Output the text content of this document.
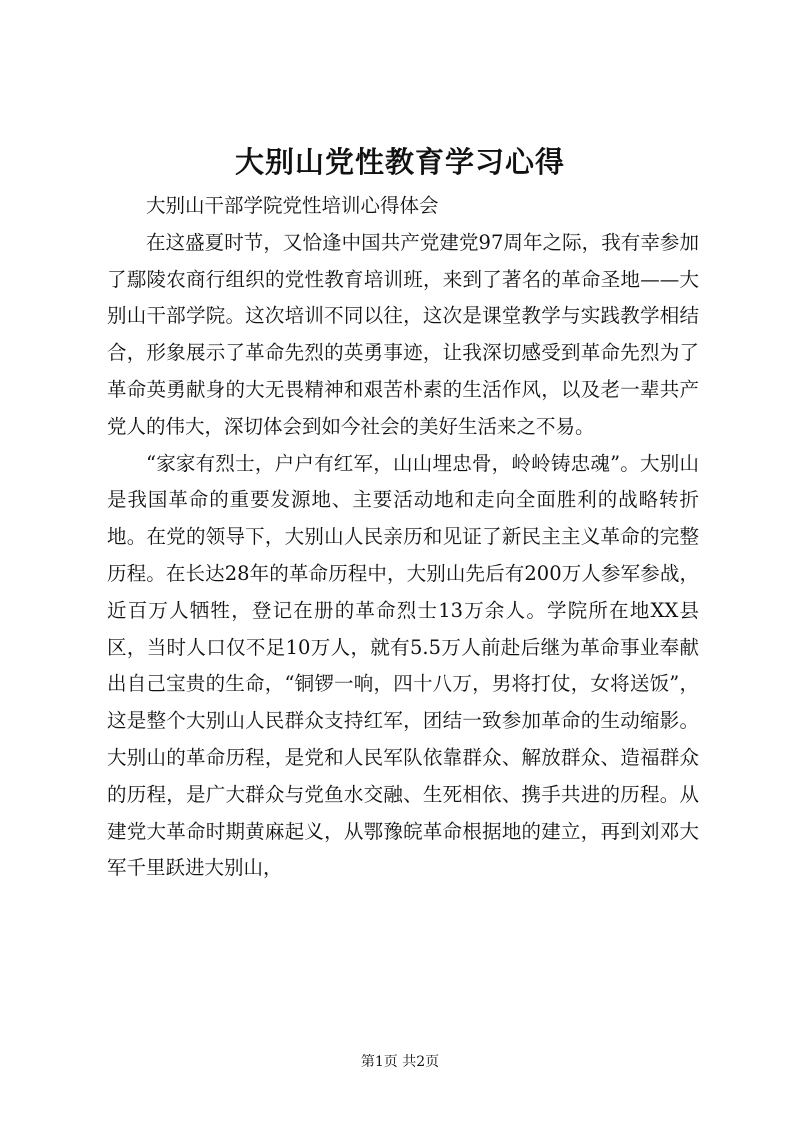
大别山党性教育学习心得

大别山干部学院党性培训心得体会

在这盛夏时节，又恰逢中国共产党建党97周年之际，我有幸参加了鄢陵农商行组织的党性教育培训班，来到了著名的革命圣地——大别山干部学院。这次培训不同以往，这次是课堂教学与实践教学相结合，形象展示了革命先烈的英勇事迹，让我深切感受到革命先烈为了革命英勇献身的大无畏精神和艰苦朴素的生活作风，以及老一辈共产党人的伟大，深切体会到如今社会的美好生活来之不易。

“家家有烈士，户户有红军，山山埋忠骨，岭岭铸忠魂”。大别山是我国革命的重要发源地、主要活动地和走向全面胜利的战略转折地。在党的领导下，大别山人民亲历和见证了新民主主义革命的完整历程。在长达28年的革命历程中，大别山先后有200万人参军参战，近百万人牺牲，登记在册的革命烈士13万余人。学院所在地XX县区，当时人口仅不足10万人，就有5.5万人前赴后继为革命事业奉献出自己宝贵的生命，“铜锣一响，四十八万，男将打仗，女将送饭”，这是整个大别山人民群众支持红军，团结一致参加革命的生动缩影。大别山的革命历程，是党和人民军队依靠群众、解放群众、造福群众的历程，是广大群众与党鱼水交融、生死相依、携手共进的历程。从建党大革命时期黄麻起义，从鄂豫皖革命根据地的建立，再到刘邓大军千里跃进大别山，

第1页 共2页
